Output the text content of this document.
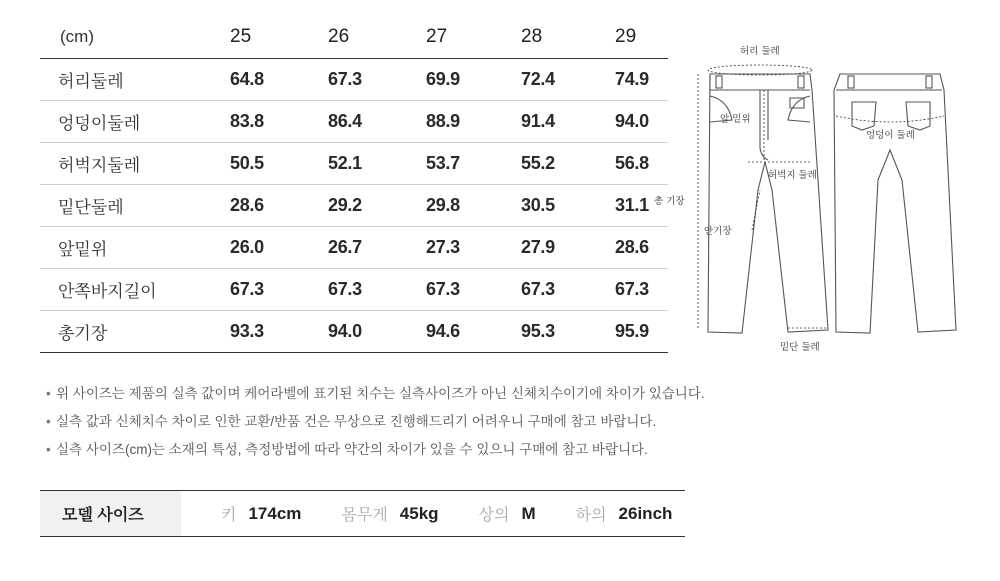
(cm)	25	26	27	28	29
허리둘레	64.8	67.3	69.9	72.4	74.9
엉덩이둘레	83.8	86.4	88.9	91.4	94.0
허벅지둘레	50.5	52.1	53.7	55.2	56.8
밑단둘레	28.6	29.2	29.8	30.5	31.1
앞밑위	26.0	26.7	27.3	27.9	28.6
안쪽바지길이	67.3	67.3	67.3	67.3	67.3
총기장	93.3	94.0	94.6	95.3	95.9
허리 둘레
앞 밑위
엉덩이 둘레
허벅지 둘레
총 기장
안기장
밑단 둘레
• 위 사이즈는 제품의 실측 값이며 케어라벨에 표기된 치수는 실측사이즈가 아닌 신체치수이기에 차이가 있습니다.
• 실측 값과 신체치수 차이로 인한 교환/반품 건은 무상으로 진행해드리기 어려우니 구매에 참고 바랍니다.
• 실측 사이즈(cm)는 소재의 특성, 측정방법에 따라 약간의 차이가 있을 수 있으니 구매에 참고 바랍니다.
모델 사이즈	키 174cm	몸무게 45kg	상의 M	하의 26inch
